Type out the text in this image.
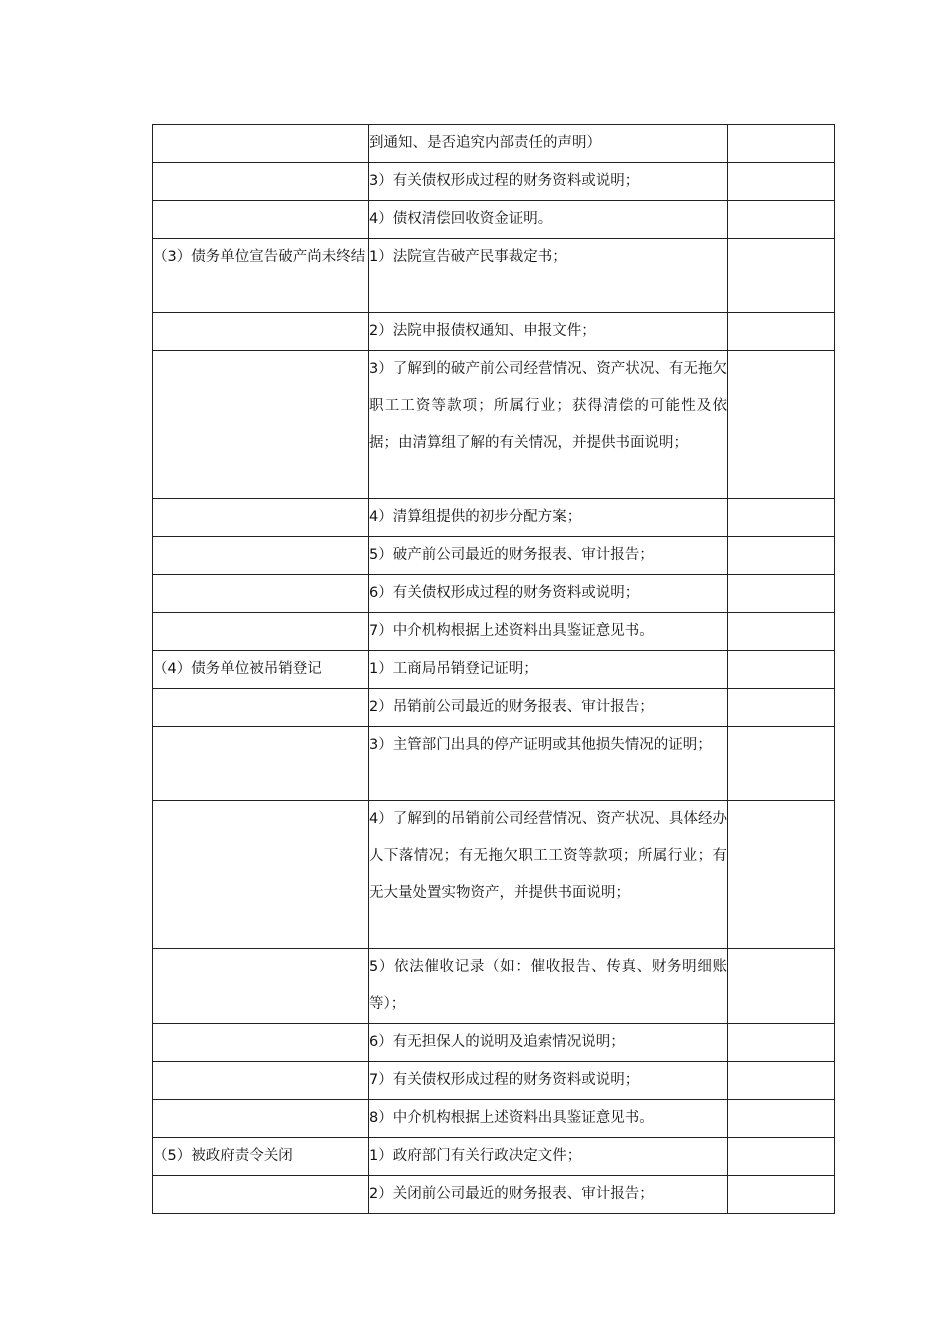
	到通知、是否追究内部责任的声明）	
	3）有关债权形成过程的财务资料或说明；	
	4）债权清偿回收资金证明。	
（3）债务单位宣告破产尚未终结	1）法院宣告破产民事裁定书；	
	2）法院申报债权通知、申报文件；	
	3）了解到的破产前公司经营情况、资产状况、有无拖欠职工工资等款项；所属行业；获得清偿的可能性及依据；由清算组了解的有关情况，并提供书面说明；	
	4）清算组提供的初步分配方案；	
	5）破产前公司最近的财务报表、审计报告；	
	6）有关债权形成过程的财务资料或说明；	
	7）中介机构根据上述资料出具鉴证意见书。	
（4）债务单位被吊销登记	1）工商局吊销登记证明；	
	2）吊销前公司最近的财务报表、审计报告；	
	3）主管部门出具的停产证明或其他损失情况的证明；	
	4）了解到的吊销前公司经营情况、资产状况、具体经办人下落情况；有无拖欠职工工资等款项；所属行业；有无大量处置实物资产，并提供书面说明；	
	5）依法催收记录（如：催收报告、传真、财务明细账等）；	
	6）有无担保人的说明及追索情况说明；	
	7）有关债权形成过程的财务资料或说明；	
	8）中介机构根据上述资料出具鉴证意见书。	
（5）被政府责令关闭	1）政府部门有关行政决定文件；	
	2）关闭前公司最近的财务报表、审计报告；	
